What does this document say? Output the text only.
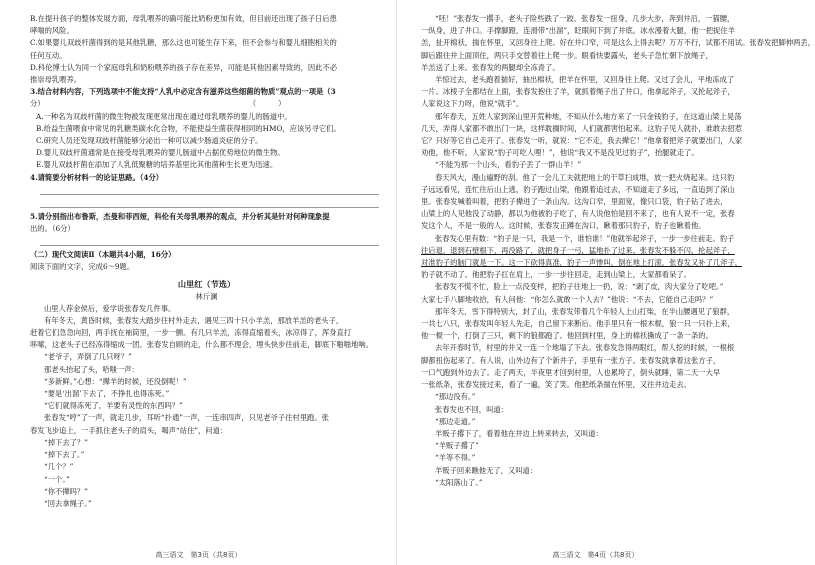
B.在提升孩子的整体发展方面，母乳喂养的确可能比奶粉更加有效，但目前还出现了孩子日后患
哮喘的风险。
C.如果婴儿双歧杆菌得到的是其他乳糖，那么这也可能生存下来，但不会参与和婴儿细胞相关的
任何互动。
D.科伦博士认为同一个家庭母乳和奶粉喂养的孩子存在差异，可能是其他因素导致的，因此不必
推崇母乳喂养。
3.结合材料内容，下列选项中不能支持“人乳中必定含有滋养这些细菌的物质”观点的一项是（3
分）　　　　　　　　　　　　　　　　　　　　　　　　　　　　　（　　　）
A.一种名为双歧杆菌的微生物被发现更常出现在通过母乳喂养的婴儿的肠道中。
B.给益生菌喂食中常见的乳糖类碳水化合物，不能使益生菌获得相同的HMO，应该另寻它们。
C.研究人员还发现双歧杆菌能够分泌出一种可以减少肠道炎症的分子。
D.婴儿双歧杆菌通常是在接受母乳喂养的婴儿肠道中占据优势地位的微生物。
E.婴儿双歧杆菌在添加了人乳低聚糖的培养基里比其他菌种生长更为迅速。
4.请简要分析材料一的论证思路。（4分）
5.请分别指出布鲁斯，杰曼和菲西娅，科伦有关母乳喂养的观点，并分析其是针对何种现象提
出的。（6分）
（二）现代文阅读Ⅱ（本题共4小题，16分）
阅读下面的文字，完成6～9题。
山里红（节选）
林斤澜
山里人荐金侯后，爱学说张春发几件事。
有年冬天，黄昏时候，张春发大踏步往村外走去，遇见三四十只小羊羔，那放羊羔的老头子，
赶着它们急急向回，两手抚在袖筒里，一步一颤。有几只羊羔，冻得直缩着头，冰凉得了，浑身直打
哆嗦，这老头子已经冻得缩成一团。张春发自顾的走，什么都不理会，埋头快步往前走，脚底下啪啪地响。
“老爷子，弄倒了几只呀？”
那老头抬起了头，哈嗤一声：
“多新鲜。”心想：“撵羊的时候，还没倒呢！”
“要是‘出溜’下去了，不挣扎也得冻死。”
“它们就得冻死了，羊要有灵性的东西吗？”
张春发“哼”了一声，就走几步，耳听“扑通”一声，一连串四声，只见老爷子往村里跑。张
春发飞步追上，一手抓住老头子的肩头，喝声“站住”，问道：
“掉下去了？”
“掉下去了。”
“几个？”
“一个。”
“你不撵吗？”
“回去拿绳子。”
高三语文　第3页（共8页）
“呸！”张春发一撂手，老头子险些跌了一跤。张春发一扭身，几步大步，奔到井沿，一猫腰，
一纵身，进了井口。手撑脚蹬，连滑带“出溜”，眨眼间下到了井底。冰水漫着大腿，他一把捉住羊
羔，扯开棉袄，揣在怀里，又回身往上爬。好在井口窄，可是这么上得去呢？万万不行，试都不用试。张春发把脚伸两丢，
脚后跟往井上面顶住，两只手交替着往上爬一步。眼看快要露头，老头子急忙朝下放绳子，
羊羔送了上来。张春发的两腿却全冻青了。
羊惊过去，老头跑着揣好，抽出棉袄，把羊在怀里，又回身往上爬。又过了会儿，平地冻成了
一片。冰棱子全都结在上面，张春发抱住了羊，就抓着绳子出了井口，他拿起斧子，又抡起斧子，
人家说这下力呀，他说“就手”。
那年春天，五姓人家到深山里开荒种地，不知从什么地方来了一只金钱豹子，在这道山梁上晃荡
几天，弄得人家都不敢出门一块，这样耽搁时间，人们就都害怕起来。这豹子见人就扑，谁敢去招惹
它？只好等它自己走开了。张春发一听，就说：“它不走，我去撵它！”他拿着把斧子就要出门，人家
劝他，他不听，人家说“豹子可吃人哩！”，他说“我又不是没见过豹子”，抬腿就走了。
“不能为那一个山头，看豹子丢了一群山羊！”
春天风大，漫山遍野的刮。他了一会儿工夫就把地上的干草扫成堆，放一把火烧起来。这只豹
子远远看见，连忙往后山上逃，豹子跑过山梁，他跟着追过去，不知道走了多远，一直追到了深山
里。张春发喊着叫着，把豹子撵进了一条山沟。这沟口窄，里面宽，像只口袋，豹子钻了进去，
山梁上的人见他没了动静，都以为他被豹子吃了，有人说他怕是回不来了，也有人说不一定，张春
发这个人，不是一般的人。这时候，张春发正蹲在沟口，瞅着那只豹子，豹子也瞅着他。
张春发心里有数：“豹子是一只，我是一个，谁怕谁！”他就举起斧子，一步一步往前走。豹子
往后退，退到石壁根下，再没路了，就把身子一弓，猛地扑了过来。张春发不躲不闪，抡起斧子，
对准豹子的脑门就是一下。这一下砍得真准，豹子一声惨叫，倒在地上打滚，张春发又补了几斧子，
豹子就不动了。他把豹子扛在肩上，一步一步往回走，走到山梁上，大家都看呆了。
张春发不慌不忙，脸上一点没变样，把豹子往地上一扔，说：“剥了皮，肉大家分了吃吧。”
大家七手八脚地收拾，有人问他：“你怎么就敢一个人去？”他说：“不去，它能自己走吗？”
那年冬天，雪下得特别大，封了山，张春发带着几个年轻人上山打柴，在半山腰遇见了狼群，
一共七八只，张春发叫年轻人先走，自己留下来断后。他手里只有一根木棍，狼一只一只扑上来，
他一棍一个，打倒了三只，剩下的狼都跑了。他回到村里，身上的棉袄撕成了一条一条的。
去年开春时节，村里的井又一连一个地塌了下去。张春发急得两眼红，帮人挖的时候，一根根
脚都扭伤起来了。有人说，山外边有了个新井子，手里有一张方子。张春发就拿着这张方子，
一口气跑到外边去了。走了两天，半夜里才回到村里，人也累垮了，倒头就睡，第二天一大早
一张纸条，张春发接过来，看了一遍，笑了笑。他把纸条揣在怀里，又往井边走去。
“那边没有。”
张春发也不回，叫道：
“那边走道。”
羊贩子撂下了，看着他在井边上转来转去，又叫道：
“羊贩子撂了”
“羊等不得。”
羊贩子回来瞧他无了，又叫道：
“太阳落山了。”
高三语文　第4页（共8页）
